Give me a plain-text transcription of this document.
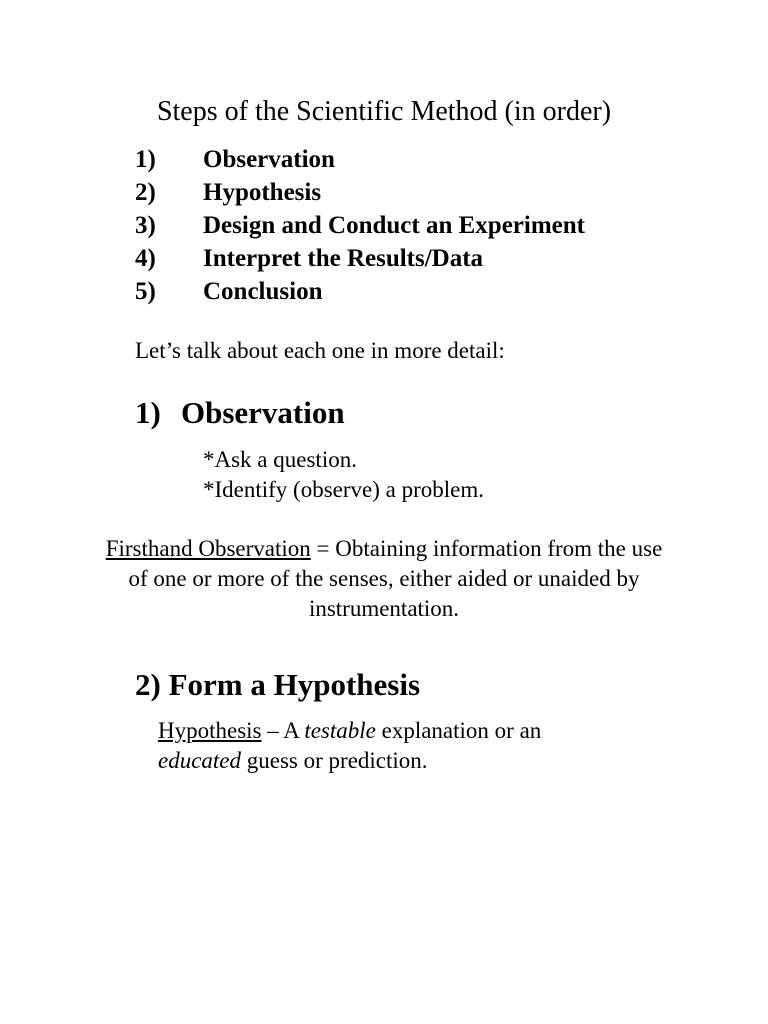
Steps of the Scientific Method (in order)
1) Observation
2) Hypothesis
3) Design and Conduct an Experiment
4) Interpret the Results/Data
5) Conclusion
Let’s talk about each one in more detail:
1) Observation
*Ask a question.
*Identify (observe) a problem.
Firsthand Observation = Obtaining information from the use of one or more of the senses, either aided or unaided by instrumentation.
2) Form a Hypothesis
Hypothesis – A testable explanation or an
educated guess or prediction.
